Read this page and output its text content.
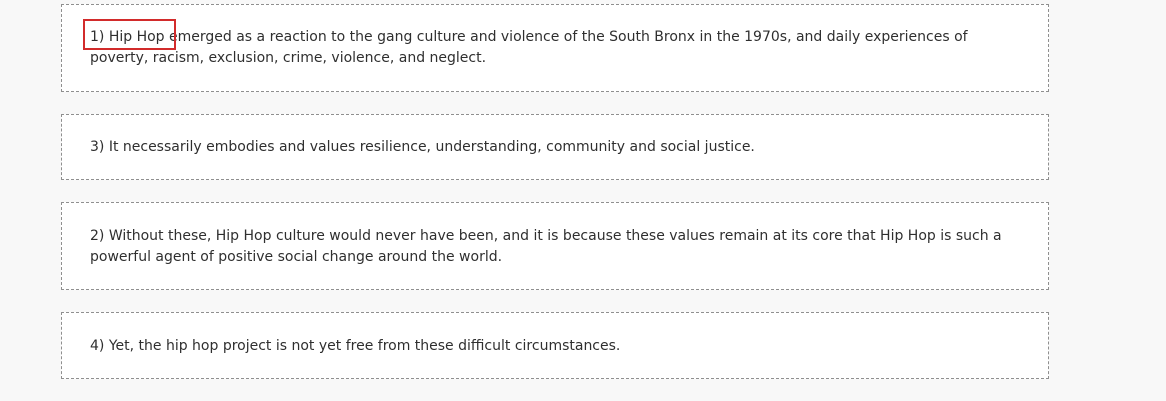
1) Hip Hop emerged as a reaction to the gang culture and violence of the South Bronx in the 1970s, and daily experiences of poverty, racism, exclusion, crime, violence, and neglect.
3) It necessarily embodies and values resilience, understanding, community and social justice.
2) Without these, Hip Hop culture would never have been, and it is because these values remain at its core that Hip Hop is such a powerful agent of positive social change around the world.
4) Yet, the hip hop project is not yet free from these difficult circumstances.
